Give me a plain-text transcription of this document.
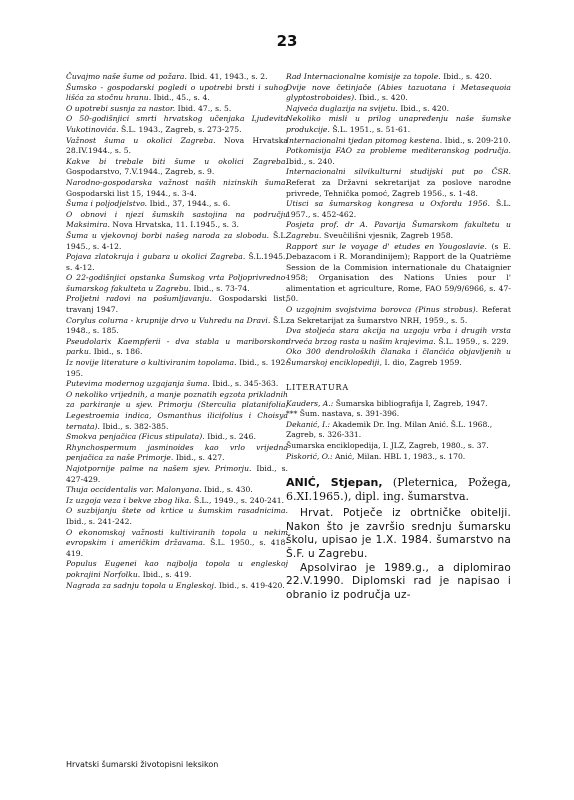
23

Čuvajmo naše šume od požara. Ibid. 41, 1943., s. 2.

Šumsko - gospodarski pogledi o upotrebi brsti i suhog lišća za stočnu hranu. Ibid., 45., s. 4.

O upotrebi susnja za nastor. Ibid. 47., s. 5.

O 50-godišnjici smrti hrvatskog učenjaka Ljudevita Vukotinovića. Š.L. 1943., Zagreb, s. 273-275.

Važnost šuma u okolici Zagreba. Nova Hrvatska 28.IV.1944., s. 5.

Kakve bi trebale biti šume u okolici Zagreba. Gospodarstvo, 7.V.1944., Zagreb, s. 9.

Narodno-gospodarska važnost naših nizinskih šuma. Gospodarski list 15, 1944., s. 3-4.

Šuma i poljodjelstvo. Ibid., 37, 1944., s. 6.

O obnovi i njezi šumskih sastojina na području Maksimira. Nova Hrvatska, 11. I.1945., s. 3.

Šuma u vjekovnoj borbi našeg naroda za slobodu. Š.L. 1945., s. 4-12.

Pojava zlatokruja i gubara u okolici Zagreba. Š.L.1945., s. 4-12.

O 22-godišnjici opstanka Šumskog vrta Poljoprivredno-šumarskog fakulteta u Zagrebu. Ibid., s. 73-74.

Proljetni radovi na pošumljavanju. Gospodarski list, travanj 1947.

Corylus colurna - krupnije drvo u Vuhredu na Dravi. Š.L. 1948., s. 185.

Pseudolarix Kaempferii - dva stabla u mariborskom parku. Ibid., s. 186.

Iz novije literature o kultiviranim topolama. Ibid., s. 192-195.

Putevima modernog uzgajanja šuma. Ibid., s. 345-363.

O nekoliko vrijednih, a manje poznatih egzota prikladnih za parkiranje u sjev. Primorju (Sterculia platanifolia, Legestroemia indica, Osmanthus ilicifolius i Choisya ternata). Ibid., s. 382-385.

Smokva penjačica (Ficus stipulata). Ibid., s. 246.

Rhynchospermum jasminoides kao vrlo vrijedna penjačica za naše Primorje. Ibid., s. 427.

Najotpornije palme na našem sjev. Primorju. Ibid., s. 427-429.

Thuja occidentalis var. Malonyana. Ibid., s. 430.

Iz uzgoja veza i bekve zbog lika. Š.L., 1949., s. 240-241.

O suzbijanju štete od krtice u šumskim rasadnicima. Ibid., s. 241-242.

O ekonomskoj važnosti kultiviranih topola u nekim evropskim i američkim državama. Š.L. 1950., s. 418-419.

Populus Eugenei kao najbolja topola u engleskoj pokrajini Norfolku. Ibid., s. 419.

Nagrada za sadnju topola u Engleskoj. Ibid., s. 419-420.

Rad Internacionalne komisije za topole. Ibid., s. 420.

Dvije nove četinjače (Abies tazuotana i Metasequoia glyptostroboides). Ibid., s. 420.

Najveća duglazija na svijetu. Ibid., s. 420.

Nekoliko misli u prilog unapređenju naše šumske produkcije. Š.L. 1951., s. 51-61.

Internacionalni tjedan pitomog kestena. Ibid., s. 209-210.

Potkomisija FAO za probleme mediteranskog područja. Ibid., s. 240.

Internacionalni silvikulturni studijski put po ČSR. Referat za Državni sekretarijat za poslove narodne privrede, Tehnička pomoć, Zagreb 1956., s. 1-48.

Utisci sa šumarskog kongresa u Oxfordu 1956. Š.L. 1957., s. 452-462.

Posjeta prof. dr A. Pavarija Šumarskom fakultetu u Zagrebu. Sveučilišni vjesnik, Zagreb 1958.

Rapport sur le voyage d' etudes en Yougoslavie. (s E. Debazacom i R. Morandinijem); Rapport de la Quatrième Session de la Commision internationale du Chataignier 1958; Organisation des Nations Unies pour l' alimentation et agriculture, Rome, FAO 59/9/6966, s. 47-50.

O uzgojnim svojstvima borovca (Pinus strobus). Referat za Sekretarijat za šumarstvo NRH, 1959., s. 5.

Dva stoljeća stara akcija na uzgoju vrba i drugih vrsta drveća brzog rasta u našim krajevima. Š.L. 1959., s. 229.

Oko 300 dendroloških članaka i članćića objavljenih u Šumarskoj enciklopediji, I. dio, Zagreb 1959.

LITERATURA

Kauders, A.: Šumarska bibliografija I, Zagreb, 1947.

*** Šum. nastava, s. 391-396.

Dekanić, I.: Akademik Dr. Ing. Milan Anić. Š.L. 1968., Zagreb, s. 326-331.

Šumarska enciklopedija, I. JLZ, Zagreb, 1980., s. 37.

Piskorić, O.: Anić, Milan. HBL 1, 1983., s. 170.

ANIĆ, Stjepan, (Pleternica, Požega, 6.XI.1965.), dipl. ing. šumarstva.

Hrvat. Potječe iz obrtničke obitelji. Nakon što je završio srednju šumarsku školu, upisao je 1.X. 1984. šumarstvo na Š.F. u Zagrebu.

Apsolvirao je 1989.g., a diplomirao 22.V.1990. Diplomski rad je napisao i obranio iz područja uz-

Hrvatski šumarski životopisni leksikon
